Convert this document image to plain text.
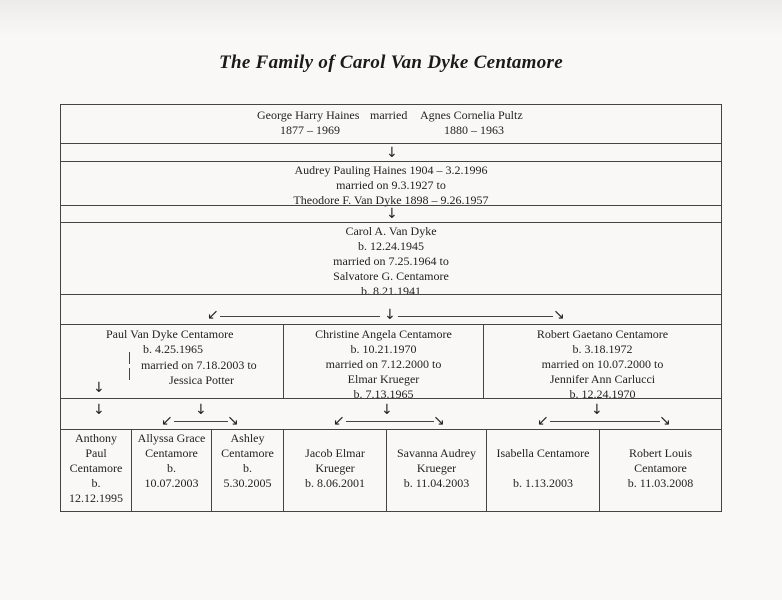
The Family of Carol Van Dyke Centamore
George Harry Haines married Agnes Cornelia Pultz
1877 – 1969	1880 – 1963
↓
Audrey Pauling Haines 1904 – 3.2.1996
married on 9.3.1927 to
Theodore F. Van Dyke 1898 – 9.26.1957
↓
Carol A. Van Dyke
b. 12.24.1945
married on 7.25.1964 to
Salvatore G. Centamore
b. 8.21.1941
↙	↓	↘
Paul Van Dyke Centamore
b. 4.25.1965
married on 7.18.2003 to
Jessica Potter
Christine Angela Centamore
b. 10.21.1970
married on 7.12.2000 to
Elmar Krueger
b. 7.13.1965
Robert Gaetano Centamore
b. 3.18.1972
married on 10.07.2000 to
Jennifer Ann Carlucci
b. 12.24.1970
↓
↓	↓
↙	↘
↓
↙	↘
↓
↙	↘
Anthony
Paul
Centamore
b.
12.12.1995
Allyssa Grace
Centamore
b.
10.07.2003
Ashley
Centamore
b.
5.30.2005
Jacob Elmar
Krueger
b. 8.06.2001
Savanna Audrey
Krueger
b. 11.04.2003
Isabella Centamore
b. 1.13.2003
Robert Louis
Centamore
b. 11.03.2008
